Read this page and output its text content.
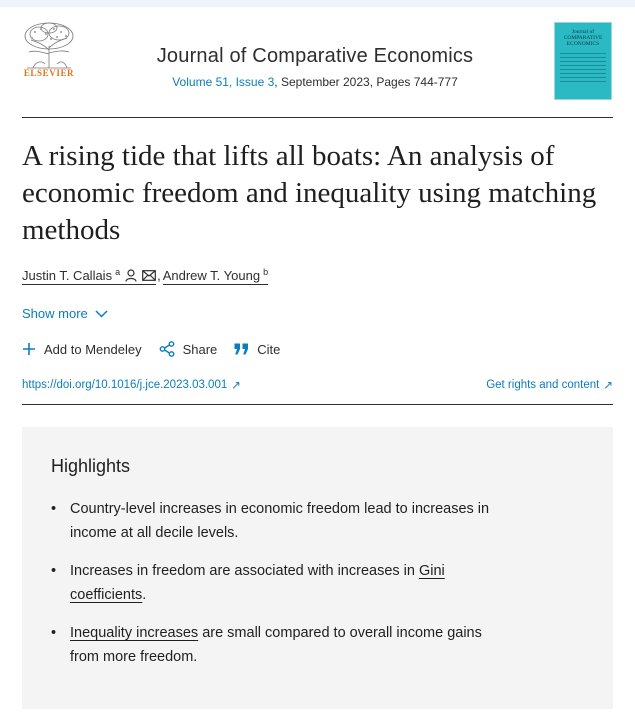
ELSEVIER
Journal of Comparative Economics
Volume 51, Issue 3, September 2023, Pages 744-777
Journal of
COMPARATIVE
ECONOMICS
A rising tide that lifts all boats: An analysis of economic freedom and inequality using matching methods
Justin T. Callais $^a$	, Andrew T. Young $^b$
Show more
Add to Mendeley	Share	Cite
https://doi.org/10.1016/j.jce.2023.03.001 ↗	Get rights and content ↗
Highlights
• Country-level increases in economic freedom lead to increases in income at all decile levels.
• Increases in freedom are associated with increases in Gini coefficients.
• Inequality increases are small compared to overall income gains from more freedom.
